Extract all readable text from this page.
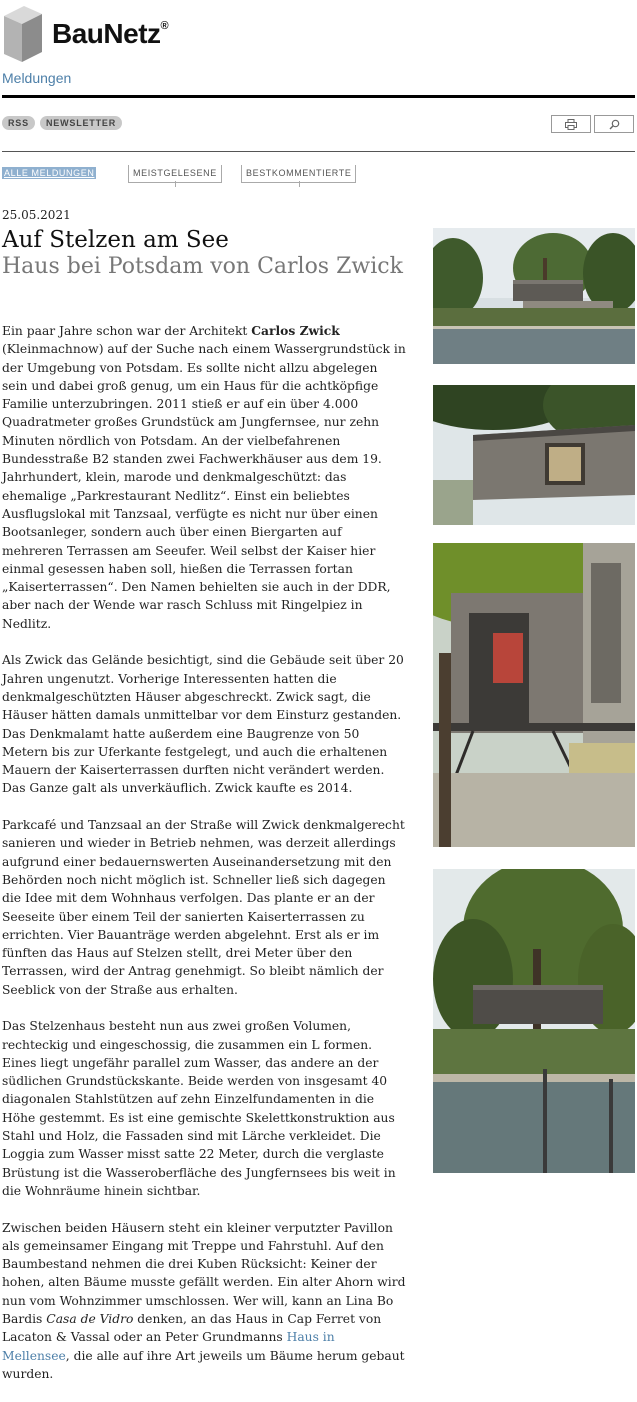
BauNetz®
Meldungen
RSS	NEWSLETTER
ALLE MELDUNGEN	MEISTGELESENE	BESTKOMMENTIERTE
25.05.2021
Auf Stelzen am See
Haus bei Potsdam von Carlos Zwick

Ein paar Jahre schon war der Architekt Carlos Zwick (Kleinmachnow) auf der Suche nach einem Wassergrundstück in der Umgebung von Potsdam. Es sollte nicht allzu abgelegen sein und dabei groß genug, um ein Haus für die achtköpfige Familie unterzubringen. 2011 stieß er auf ein über 4.000 Quadratmeter großes Grundstück am Jungfernsee, nur zehn Minuten nördlich von Potsdam. An der vielbefahrenen Bundesstraße B2 standen zwei Fachwerkhäuser aus dem 19. Jahrhundert, klein, marode und denkmalgeschützt: das ehemalige „Parkrestaurant Nedlitz“. Einst ein beliebtes Ausflugslokal mit Tanzsaal, verfügte es nicht nur über einen Bootsanleger, sondern auch über einen Biergarten auf mehreren Terrassen am Seeufer. Weil selbst der Kaiser hier einmal gesessen haben soll, hießen die Terrassen fortan „Kaiserterrassen“. Den Namen behielten sie auch in der DDR, aber nach der Wende war rasch Schluss mit Ringelpiez in Nedlitz.

Als Zwick das Gelände besichtigt, sind die Gebäude seit über 20 Jahren ungenutzt. Vorherige Interessenten hatten die denkmalgeschützten Häuser abgeschreckt. Zwick sagt, die Häuser hätten damals unmittelbar vor dem Einsturz gestanden. Das Denkmalamt hatte außerdem eine Baugrenze von 50 Metern bis zur Uferkante festgelegt, und auch die erhaltenen Mauern der Kaiserterrassen durften nicht verändert werden. Das Ganze galt als unverkäuflich. Zwick kaufte es 2014.

Parkcafé und Tanzsaal an der Straße will Zwick denkmalgerecht sanieren und wieder in Betrieb nehmen, was derzeit allerdings aufgrund einer bedauernswerten Auseinandersetzung mit den Behörden noch nicht möglich ist. Schneller ließ sich dagegen die Idee mit dem Wohnhaus verfolgen. Das plante er an der Seeseite über einem Teil der sanierten Kaiserterrassen zu errichten. Vier Bauanträge werden abgelehnt. Erst als er im fünften das Haus auf Stelzen stellt, drei Meter über den Terrassen, wird der Antrag genehmigt. So bleibt nämlich der Seeblick von der Straße aus erhalten.

Das Stelzenhaus besteht nun aus zwei großen Volumen, rechteckig und eingeschossig, die zusammen ein L formen. Eines liegt ungefähr parallel zum Wasser, das andere an der südlichen Grundstückskante. Beide werden von insgesamt 40 diagonalen Stahlstützen auf zehn Einzelfundamenten in die Höhe gestemmt. Es ist eine gemischte Skelettkonstruktion aus Stahl und Holz, die Fassaden sind mit Lärche verkleidet. Die Loggia zum Wasser misst satte 22 Meter, durch die verglaste Brüstung ist die Wasseroberfläche des Jungfernsees bis weit in die Wohnräume hinein sichtbar.

Zwischen beiden Häusern steht ein kleiner verputzter Pavillon als gemeinsamer Eingang mit Treppe und Fahrstuhl. Auf den Baumbestand nehmen die drei Kuben Rücksicht: Keiner der hohen, alten Bäume musste gefällt werden. Ein alter Ahorn wird nun vom Wohnzimmer umschlossen. Wer will, kann an Lina Bo Bardis Casa de Vidro denken, an das Haus in Cap Ferret von Lacaton & Vassal oder an Peter Grundmanns Haus in Mellensee, die alle auf ihre Art jeweils um Bäume herum gebaut wurden.
